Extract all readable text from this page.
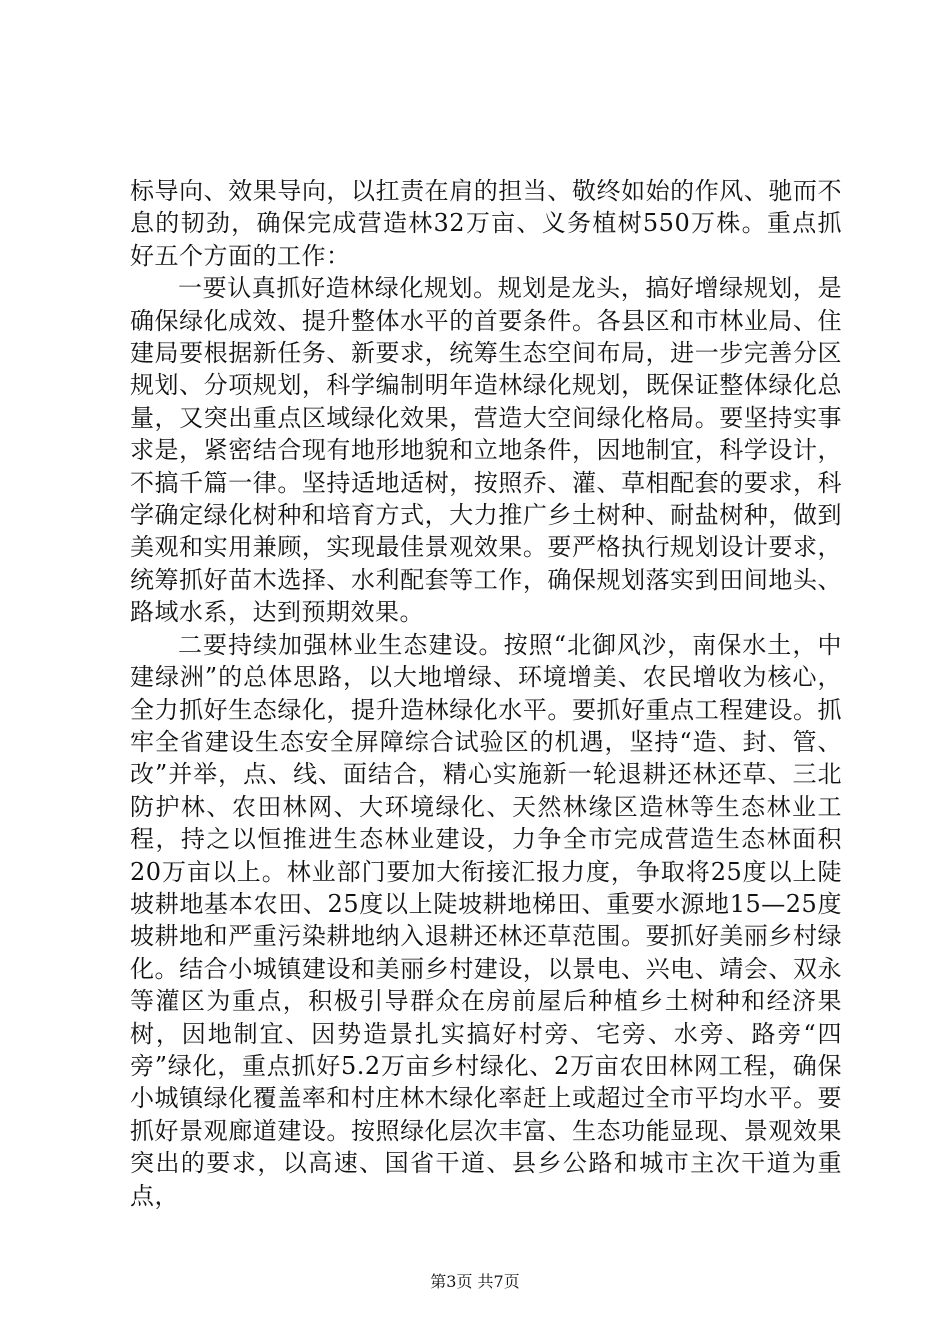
标导向、效果导向，以扛责在肩的担当、敬终如始的作风、驰而不息的韧劲，确保完成营造林32万亩、义务植树550万株。重点抓好五个方面的工作：

一要认真抓好造林绿化规划。规划是龙头，搞好增绿规划，是确保绿化成效、提升整体水平的首要条件。各县区和市林业局、住建局要根据新任务、新要求，统筹生态空间布局，进一步完善分区规划、分项规划，科学编制明年造林绿化规划，既保证整体绿化总量，又突出重点区域绿化效果，营造大空间绿化格局。要坚持实事求是，紧密结合现有地形地貌和立地条件，因地制宜，科学设计，不搞千篇一律。坚持适地适树，按照乔、灌、草相配套的要求，科学确定绿化树种和培育方式，大力推广乡土树种、耐盐树种，做到美观和实用兼顾，实现最佳景观效果。要严格执行规划设计要求，统筹抓好苗木选择、水利配套等工作，确保规划落实到田间地头、路域水系，达到预期效果。

二要持续加强林业生态建设。按照“北御风沙，南保水土，中建绿洲”的总体思路，以大地增绿、环境增美、农民增收为核心，全力抓好生态绿化，提升造林绿化水平。要抓好重点工程建设。抓牢全省建设生态安全屏障综合试验区的机遇，坚持“造、封、管、改”并举，点、线、面结合，精心实施新一轮退耕还林还草、三北防护林、农田林网、大环境绿化、天然林缘区造林等生态林业工程，持之以恒推进生态林业建设，力争全市完成营造生态林面积20万亩以上。林业部门要加大衔接汇报力度，争取将25度以上陡坡耕地基本农田、25度以上陡坡耕地梯田、重要水源地15—25度坡耕地和严重污染耕地纳入退耕还林还草范围。要抓好美丽乡村绿化。结合小城镇建设和美丽乡村建设，以景电、兴电、靖会、双永等灌区为重点，积极引导群众在房前屋后种植乡土树种和经济果树，因地制宜、因势造景扎实搞好村旁、宅旁、水旁、路旁“四旁”绿化，重点抓好5.2万亩乡村绿化、2万亩农田林网工程，确保小城镇绿化覆盖率和村庄林木绿化率赶上或超过全市平均水平。要抓好景观廊道建设。按照绿化层次丰富、生态功能显现、景观效果突出的要求，以高速、国省干道、县乡公路和城市主次干道为重点，

第3页 共7页
